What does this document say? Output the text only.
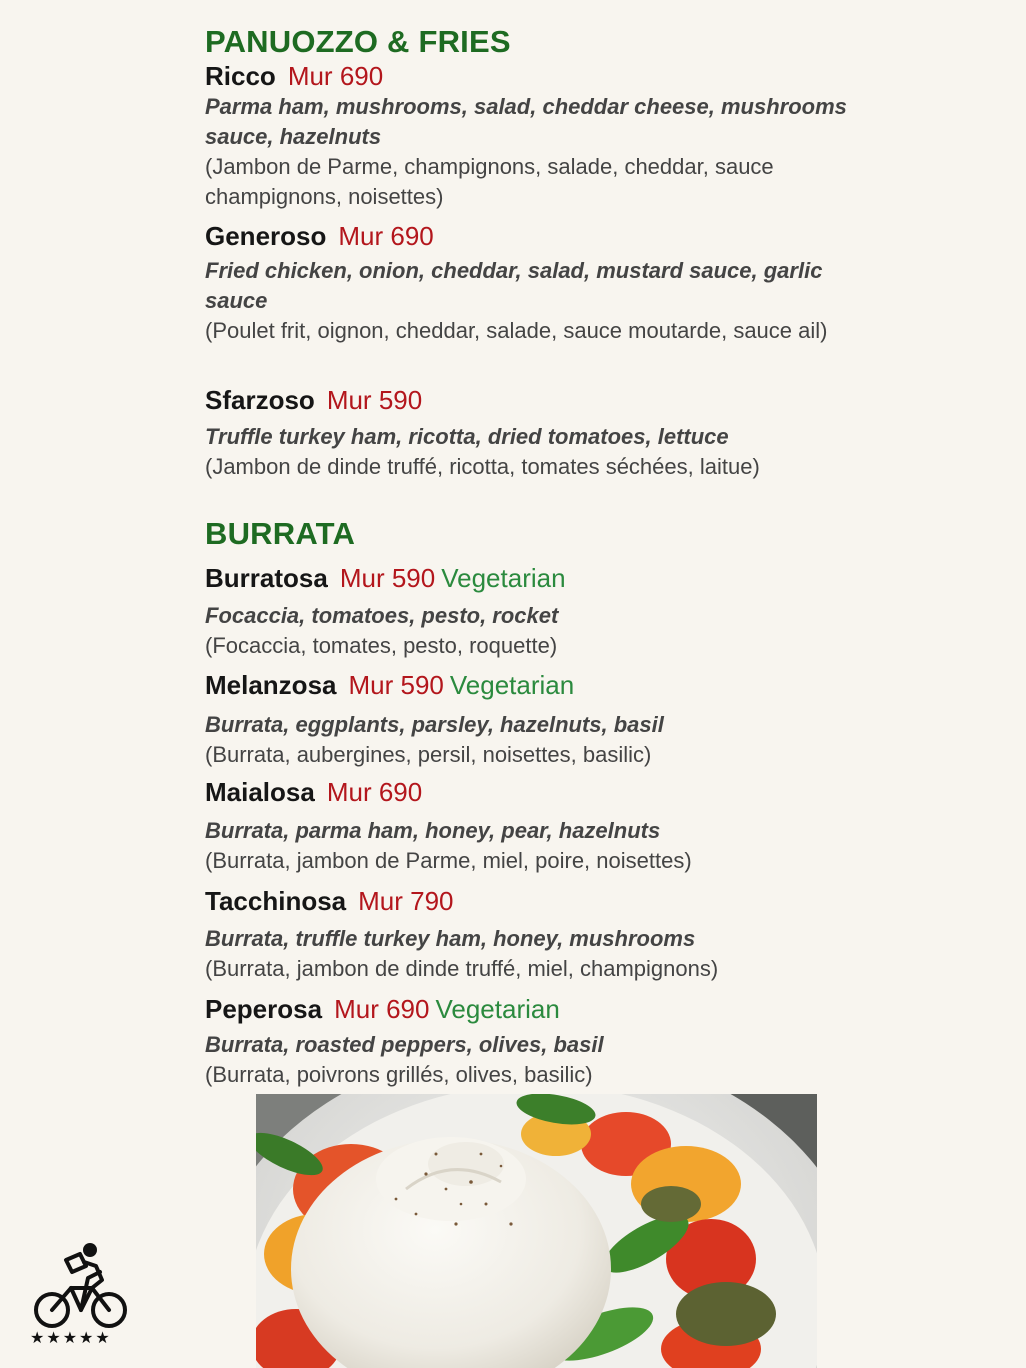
PANUOZZO & FRIES
Ricco Mur 690
Parma ham, mushrooms, salad, cheddar cheese, mushrooms sauce, hazelnuts
(Jambon de Parme, champignons, salade, cheddar, sauce champignons, noisettes)
Generoso Mur 690
Fried chicken, onion, cheddar, salad, mustard sauce, garlic sauce
(Poulet frit, oignon, cheddar, salade, sauce moutarde, sauce ail)
Sfarzoso Mur 590
Truffle turkey ham, ricotta, dried tomatoes, lettuce
(Jambon de dinde truffé, ricotta, tomates séchées, laitue)
BURRATA
Burratosa Mur 590 Vegetarian
Focaccia, tomatoes, pesto, rocket
(Focaccia, tomates, pesto, roquette)
Melanzosa Mur 590 Vegetarian
Burrata, eggplants, parsley, hazelnuts, basil
(Burrata, aubergines, persil, noisettes, basilic)
Maialosa Mur 690
Burrata, parma ham, honey, pear, hazelnuts
(Burrata, jambon de Parme, miel, poire, noisettes)
Tacchinosa Mur 790
Burrata, truffle turkey ham, honey, mushrooms
(Burrata, jambon de dinde truffé, miel, champignons)
Peperosa Mur 690 Vegetarian
Burrata, roasted peppers, olives, basil
(Burrata, poivrons grillés, olives, basilic)
★★★★★
